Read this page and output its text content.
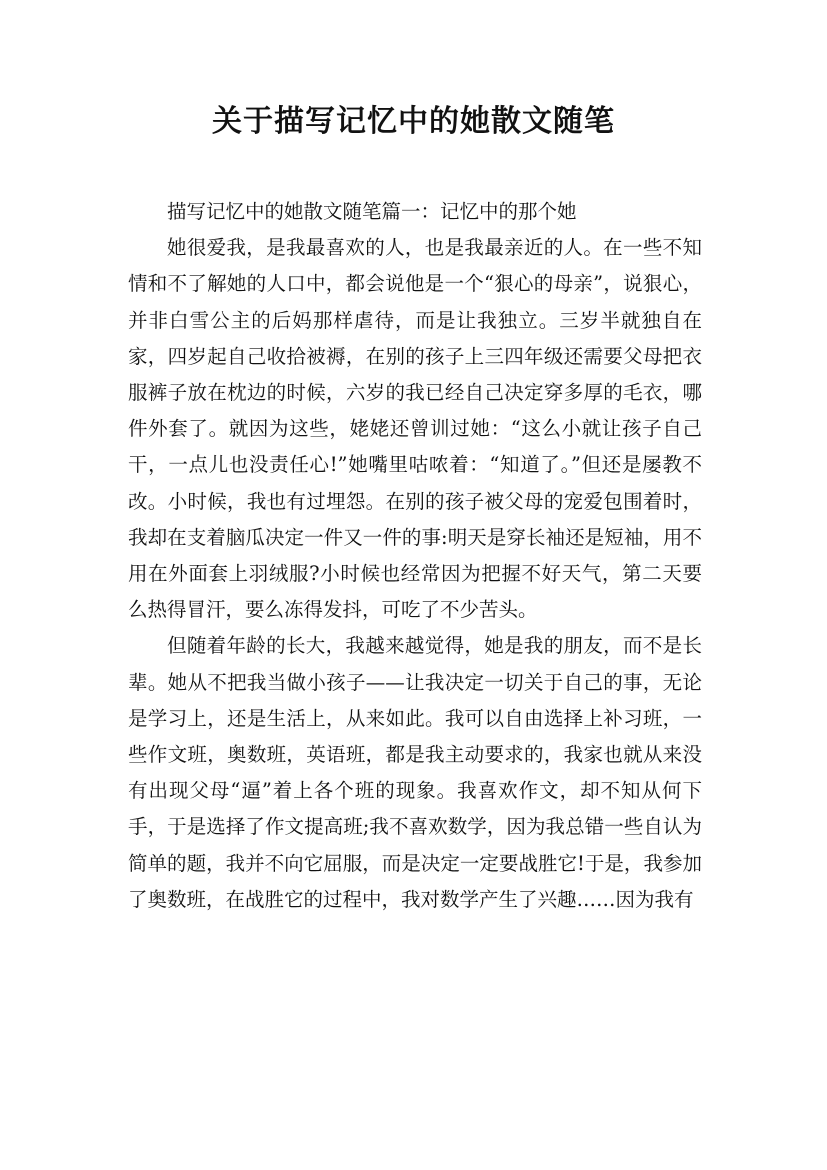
关于描写记忆中的她散文随笔
描写记忆中的她散文随笔篇一：记忆中的那个她

她很爱我，是我最喜欢的人，也是我最亲近的人。在一些不知情和不了解她的人口中，都会说他是一个“狠心的母亲”，说狠心，并非白雪公主的后妈那样虐待，而是让我独立。三岁半就独自在家，四岁起自己收拾被褥，在别的孩子上三四年级还需要父母把衣服裤子放在枕边的时候，六岁的我已经自己决定穿多厚的毛衣，哪件外套了。就因为这些，姥姥还曾训过她：“这么小就让孩子自己干，一点儿也没责任心!”她嘴里咕哝着：“知道了。”但还是屡教不改。小时候，我也有过埋怨。在别的孩子被父母的宠爱包围着时，我却在支着脑瓜决定一件又一件的事:明天是穿长袖还是短袖，用不用在外面套上羽绒服?小时候也经常因为把握不好天气，第二天要么热得冒汗，要么冻得发抖，可吃了不少苦头。

但随着年龄的长大，我越来越觉得，她是我的朋友，而不是长辈。她从不把我当做小孩子——让我决定一切关于自己的事，无论是学习上，还是生活上，从来如此。我可以自由选择上补习班，一些作文班，奥数班，英语班，都是我主动要求的，我家也就从来没有出现父母“逼”着上各个班的现象。我喜欢作文，却不知从何下手，于是选择了作文提高班;我不喜欢数学，因为我总错一些自认为简单的题，我并不向它屈服，而是决定一定要战胜它!于是，我参加了奥数班，在战胜它的过程中，我对数学产生了兴趣……因为我有
